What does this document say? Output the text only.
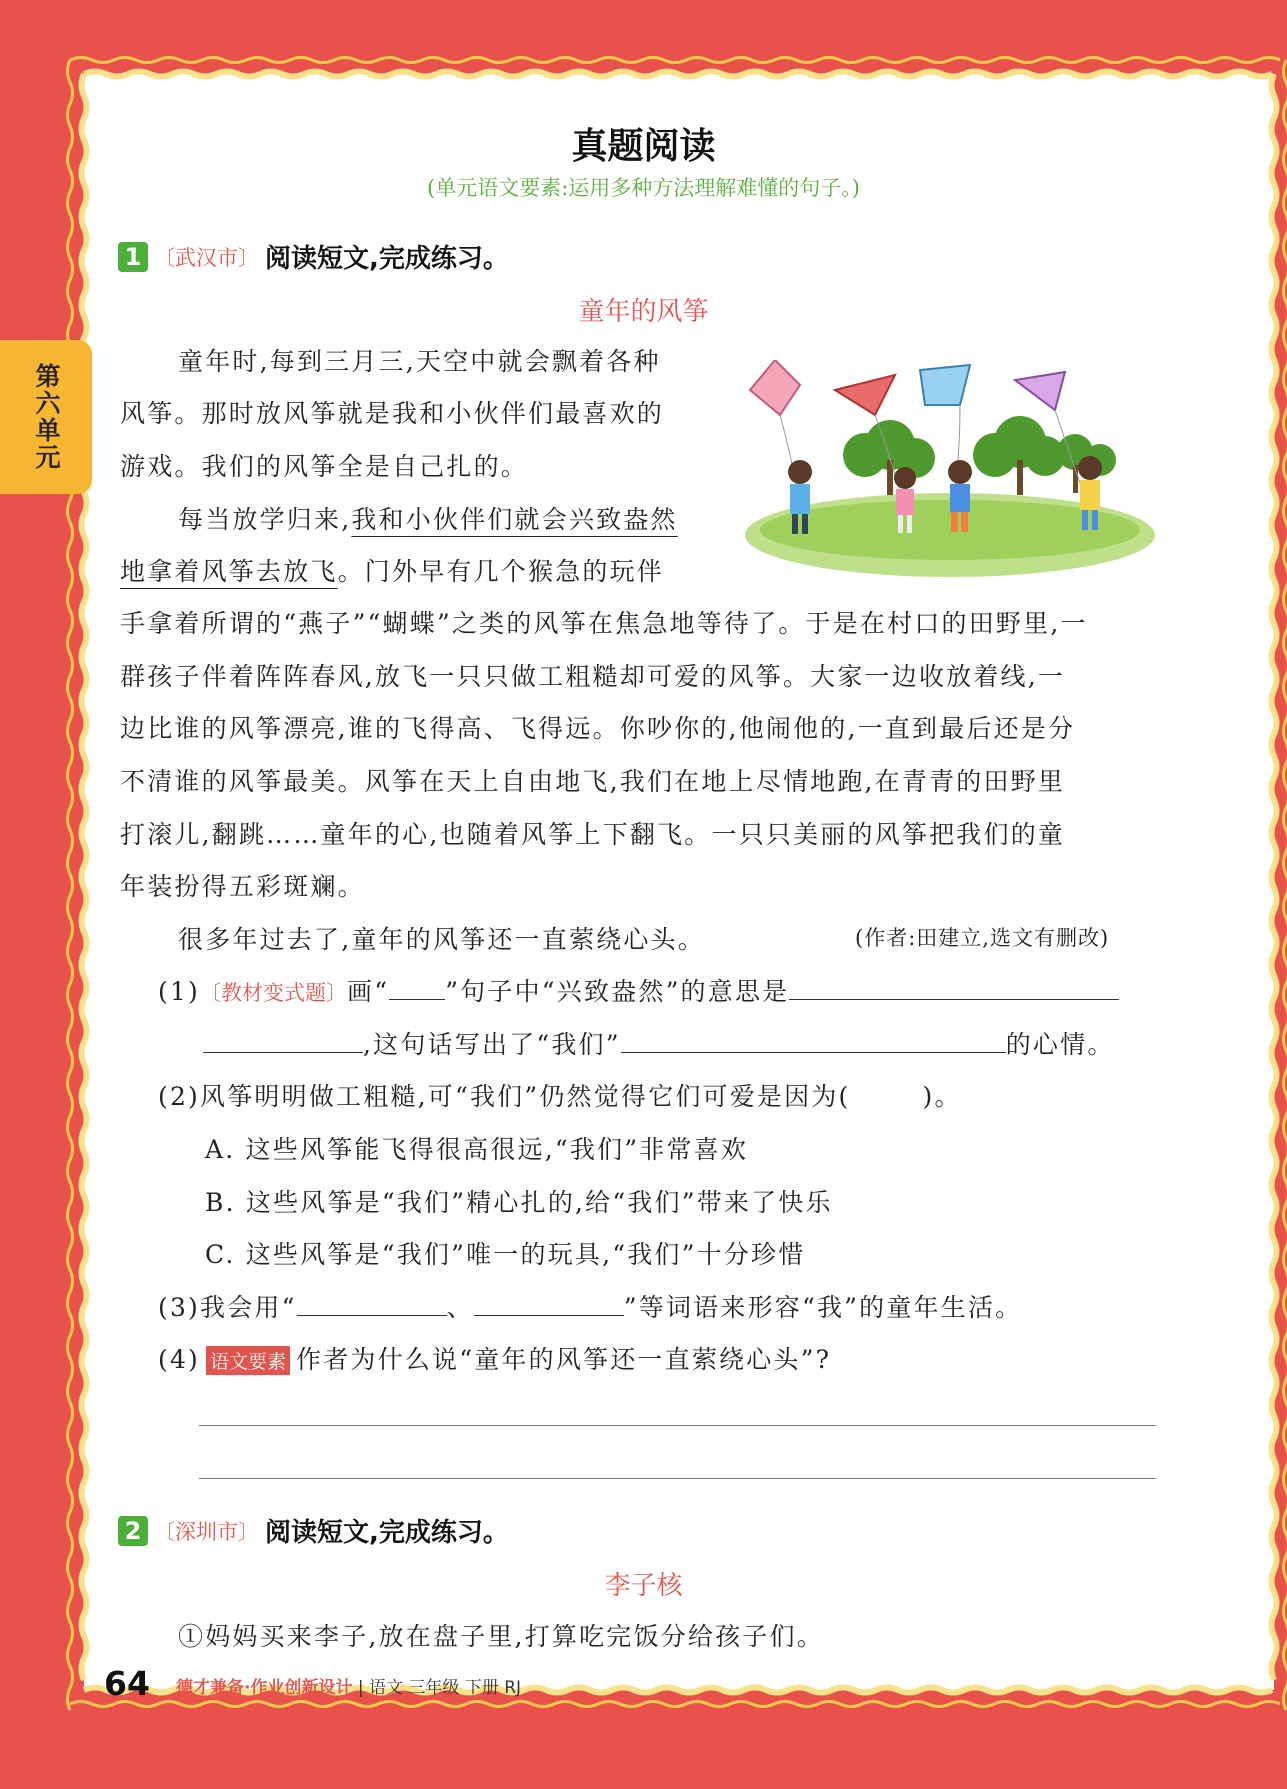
第六单元
真题阅读
(单元语文要素:运用多种方法理解难懂的句子。)
1 〔武汉市〕 阅读短文,完成练习。
童年的风筝
童年时,每到三月三,天空中就会飘着各种
风筝。那时放风筝就是我和小伙伴们最喜欢的
游戏。我们的风筝全是自己扎的。
每当放学归来,我和小伙伴们就会兴致盎然
地拿着风筝去放飞。门外早有几个猴急的玩伴
手拿着所谓的“燕子”“蝴蝶”之类的风筝在焦急地等待了。于是在村口的田野里,一
群孩子伴着阵阵春风,放飞一只只做工粗糙却可爱的风筝。大家一边收放着线,一
边比谁的风筝漂亮,谁的飞得高、飞得远。你吵你的,他闹他的,一直到最后还是分
不清谁的风筝最美。风筝在天上自由地飞,我们在地上尽情地跑,在青青的田野里
打滚儿,翻跳……童年的心,也随着风筝上下翻飞。一只只美丽的风筝把我们的童
年装扮得五彩斑斓。
很多年过去了,童年的风筝还一直萦绕心头。	(作者:田建立,选文有删改)
(1)〔教材变式题〕画“ ”句子中“兴致盎然”的意思是
,这句话写出了“我们”	的心情。
(2)风筝明明做工粗糙,可“我们”仍然觉得它们可爱是因为(	)。
A. 这些风筝能飞得很高很远,“我们”非常喜欢
B. 这些风筝是“我们”精心扎的,给“我们”带来了快乐
C. 这些风筝是“我们”唯一的玩具,“我们”十分珍惜
(3)我会用“	、	”等词语来形容“我”的童年生活。
(4) 语文要素 作者为什么说“童年的风筝还一直萦绕心头”?
2 〔深圳市〕 阅读短文,完成练习。
李子核
①妈妈买来李子,放在盘子里,打算吃完饭分给孩子们。
64 德才兼备·作业创新设计 | 语文 三年级 下册 RJ
